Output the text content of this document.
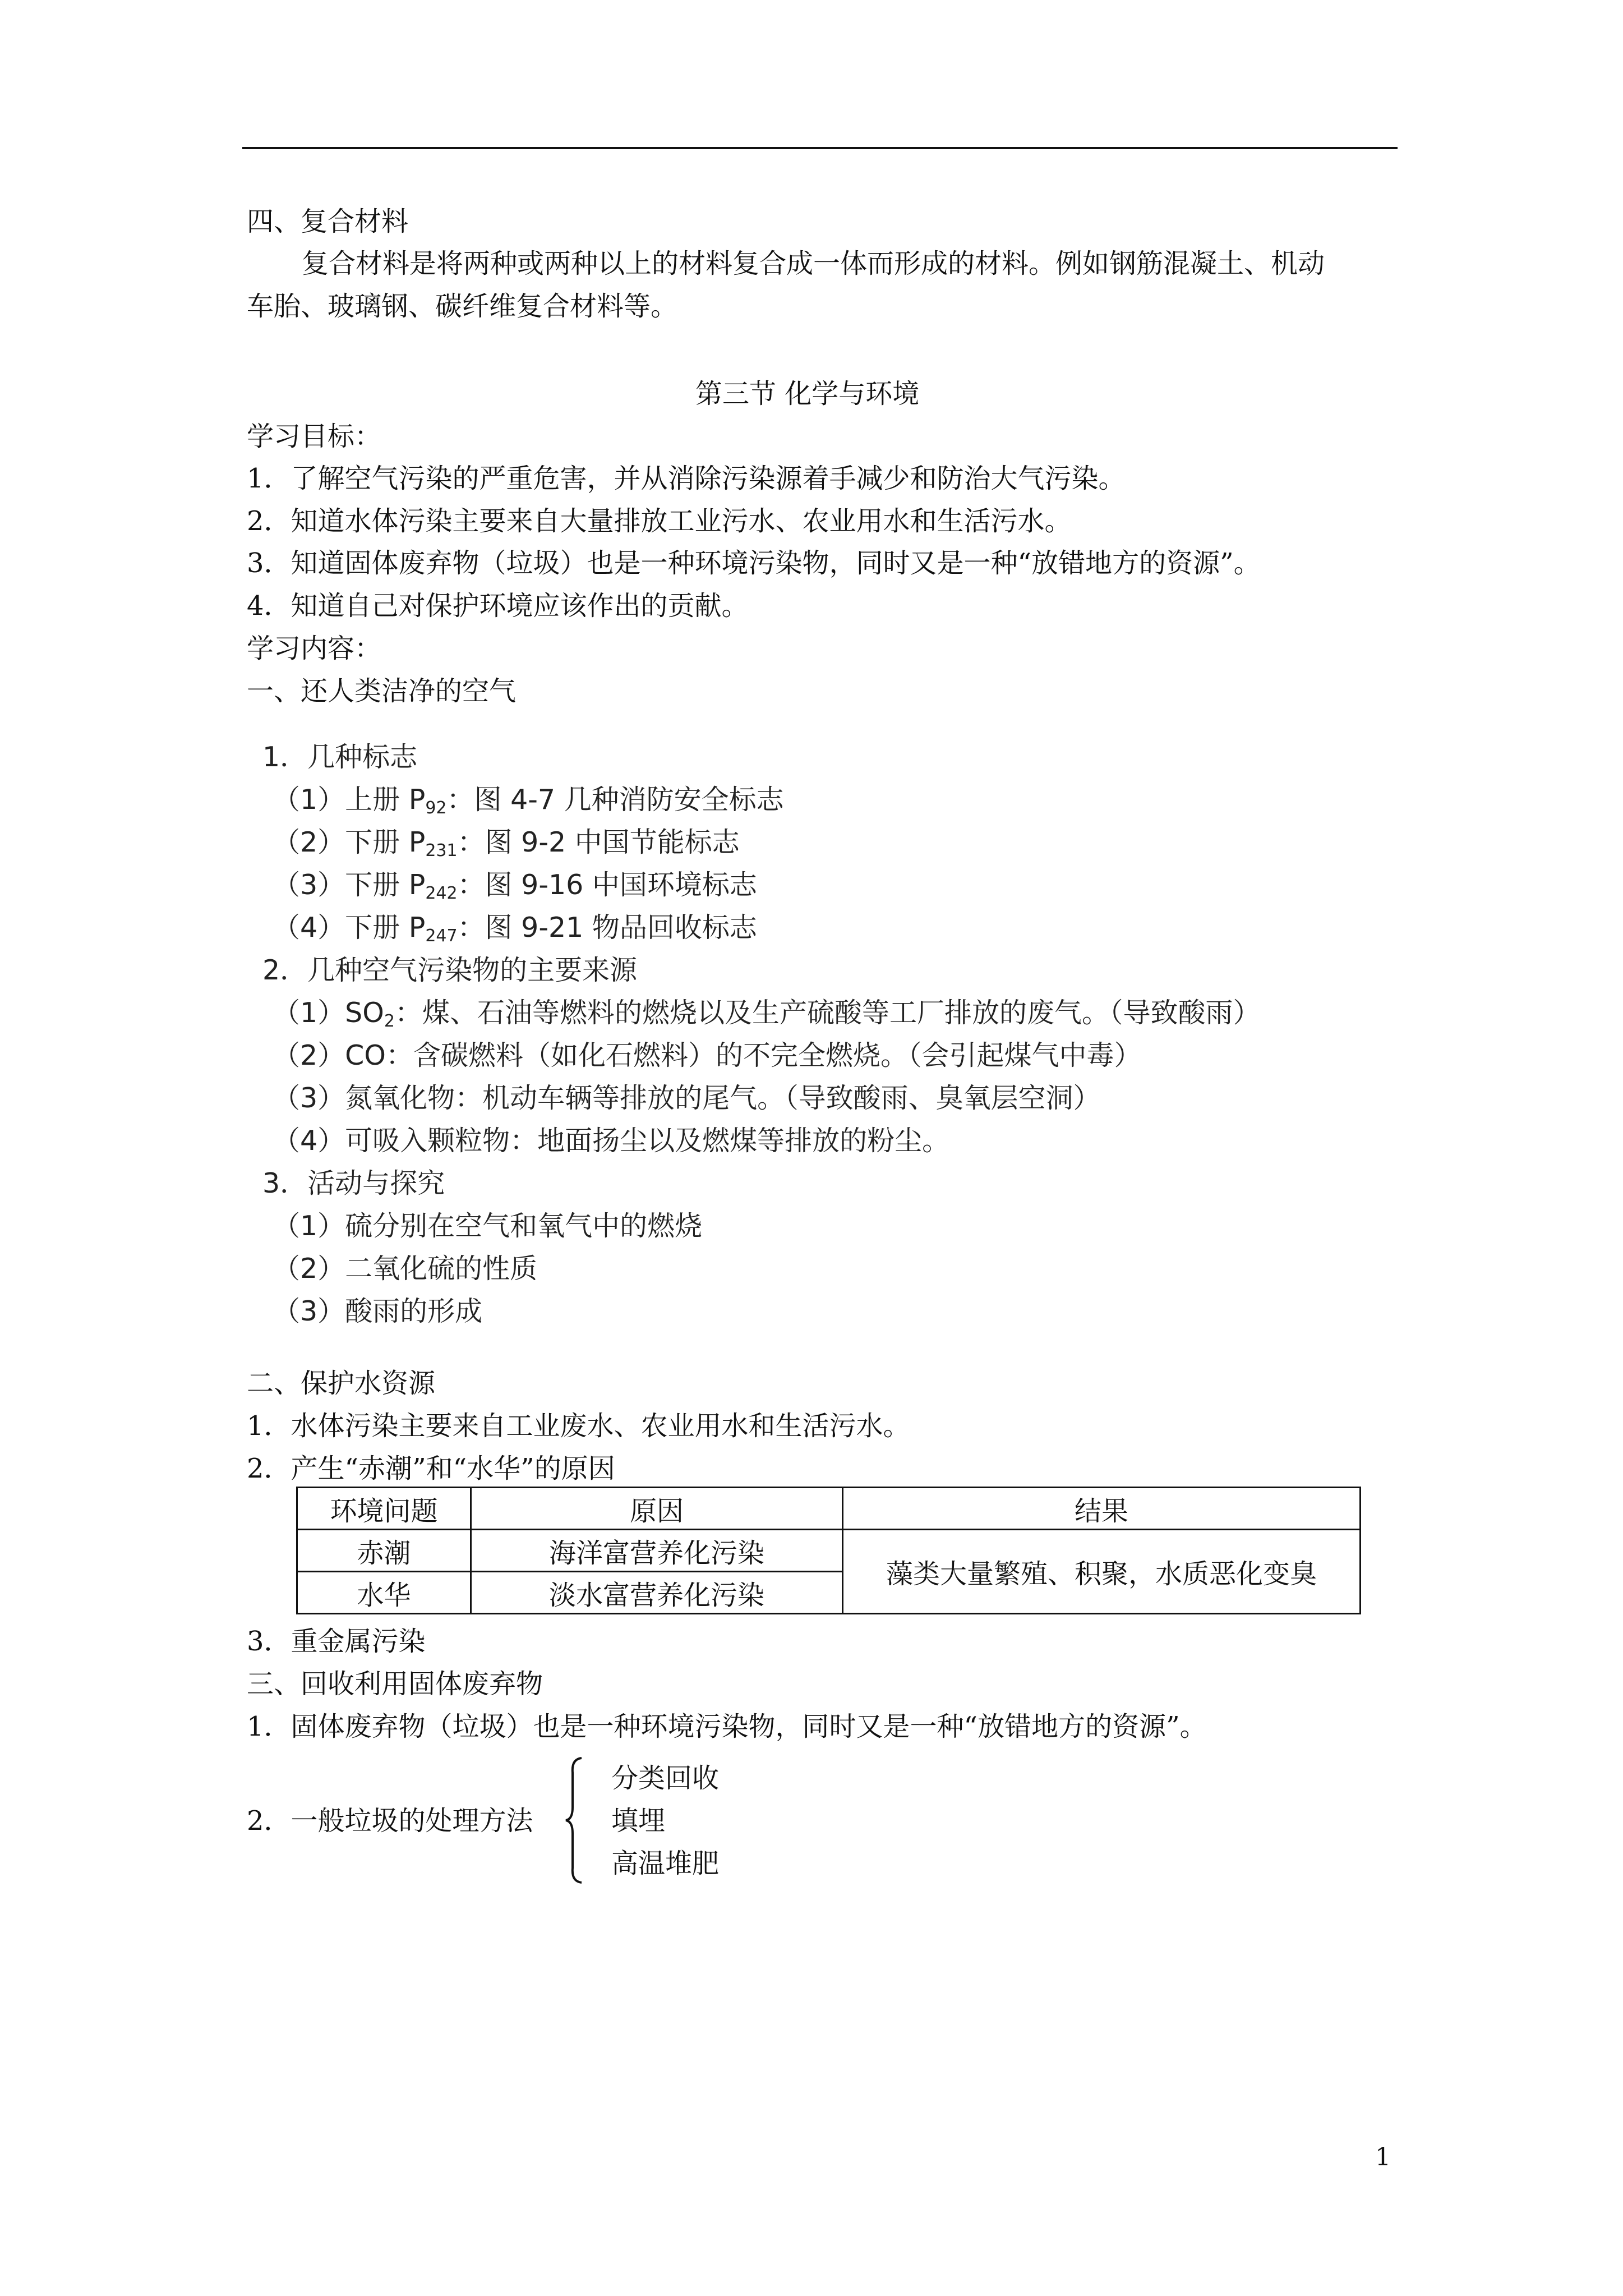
四、复合材料
复合材料是将两种或两种以上的材料复合成一体而形成的材料。例如钢筋混凝土、机动
车胎、玻璃钢、碳纤维复合材料等。
第三节 化学与环境
学习目标：
1．了解空气污染的严重危害，并从消除污染源着手减少和防治大气污染。
2．知道水体污染主要来自大量排放工业污水、农业用水和生活污水。
3．知道固体废弃物（垃圾）也是一种环境污染物，同时又是一种“放错地方的资源”。
4．知道自己对保护环境应该作出的贡献。
学习内容：
一、还人类洁净的空气
1．几种标志
（1）上册 $P_{92}$：图 4-7 几种消防安全标志
（2）下册 $P_{231}$：图 9-2 中国节能标志
（3）下册 $P_{242}$：图 9-16 中国环境标志
（4）下册 $P_{247}$：图 9-21 物品回收标志
2．几种空气污染物的主要来源
$(1)SO_2$：煤、石油等燃料的燃烧以及生产硫酸等工厂排放的废气。（导致酸雨）
（2）CO：含碳燃料（如化石燃料）的不完全燃烧。（会引起煤气中毒）
（3）氮氧化物：机动车辆等排放的尾气。（导致酸雨、臭氧层空洞）
（4）可吸入颗粒物：地面扬尘以及燃煤等排放的粉尘。
3．活动与探究
（1）硫分别在空气和氧气中的燃烧
（2）二氧化硫的性质
（3）酸雨的形成
二、保护水资源
1．水体污染主要来自工业废水、农业用水和生活污水。
2．产生“赤潮”和“水华”的原因
环境问题	原因	结果
赤潮	海洋富营养化污染	藻类大量繁殖、积聚，水质恶化变臭
水华	淡水富营养化污染	
3．重金属污染
三、回收利用固体废弃物
1．固体废弃物（垃圾）也是一种环境污染物，同时又是一种“放错地方的资源”。
2．一般垃圾的处理方法
分类回收
填埋
高温堆肥
1
